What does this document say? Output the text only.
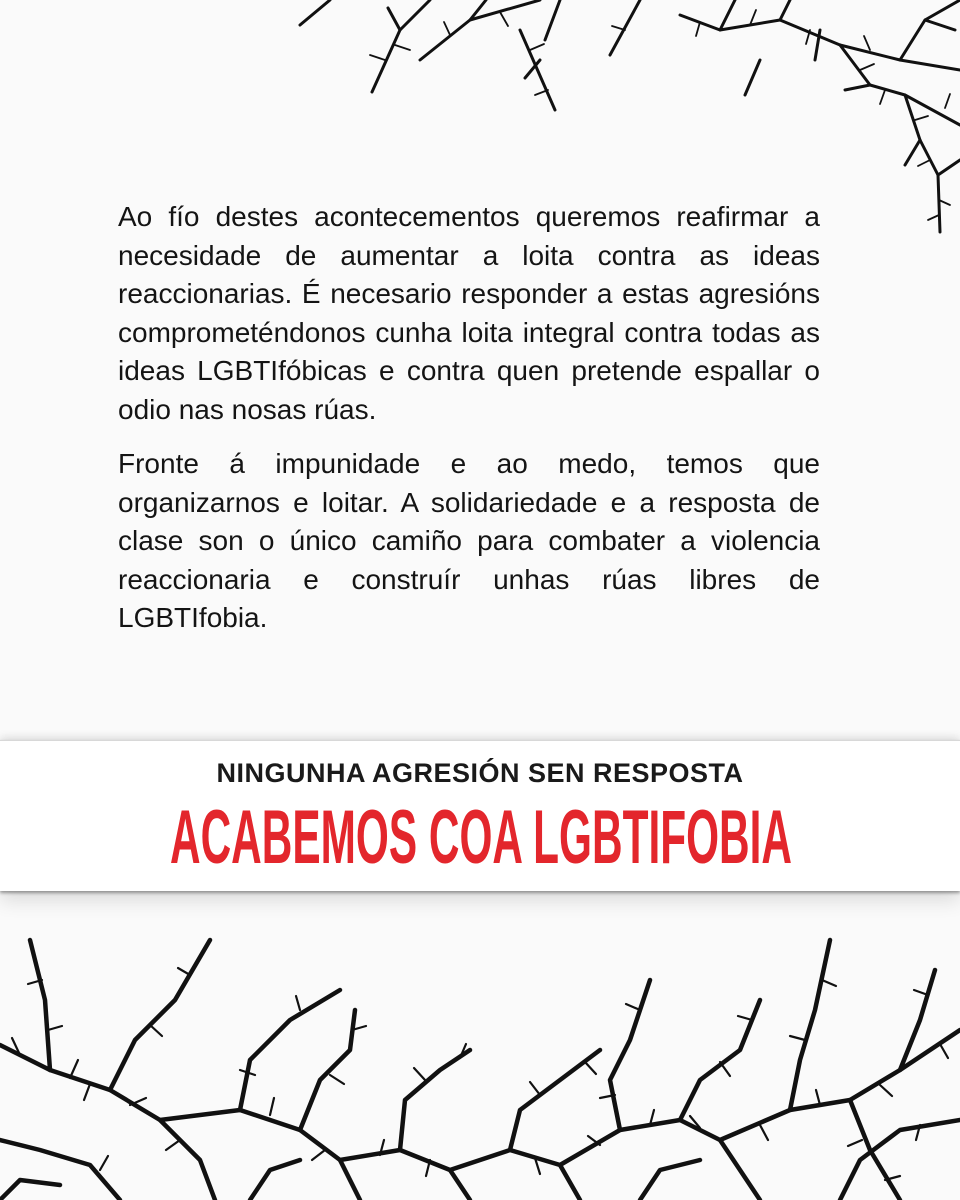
Ao fío destes acontecementos queremos reafirmar a necesidade de aumentar a loita contra as ideas reaccionarias. É necesario responder a estas agresións comprometéndonos cunha loita integral contra todas as ideas LGBTIfóbicas e contra quen pretende espallar o odio nas nosas rúas.

Fronte á impunidade e ao medo, temos que organizarnos e loitar. A solidariedade e a resposta de clase son o único camiño para combater a violencia reaccionaria e construír unhas rúas libres de LGBTIfobia.

NINGUNHA AGRESIÓN SEN RESPOSTA
ACABEMOS COA LGBTIFOBIA
